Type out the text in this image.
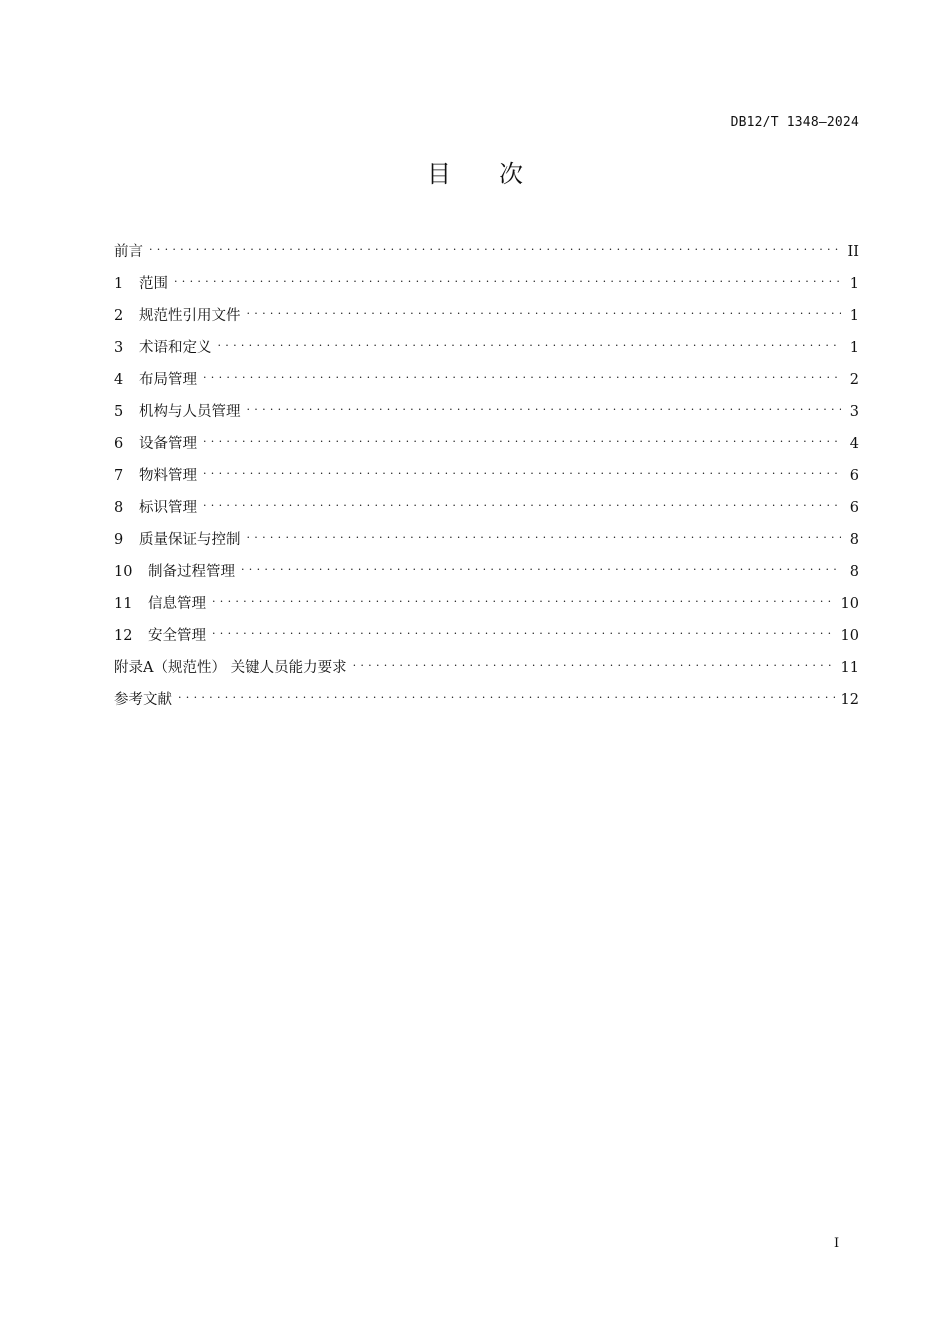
DB12/T 1348—2024
目次
前言 . . .	II
1	范围 . . .	1
2	规范性引用文件 . . .	1
3	术语和定义 . . .	1
4	布局管理 . . .	2
5	机构与人员管理 . . .	3
6	设备管理 . . .	4
7	物料管理 . . .	6
8	标识管理 . . .	6
9	质量保证与控制 . . .	8
10	制备过程管理 . . .	8
11	信息管理 . . .	10
12	安全管理 . . .	10
附录A（规范性） 关键人员能力要求 . . .	11
参考文献 . . .	12
I
